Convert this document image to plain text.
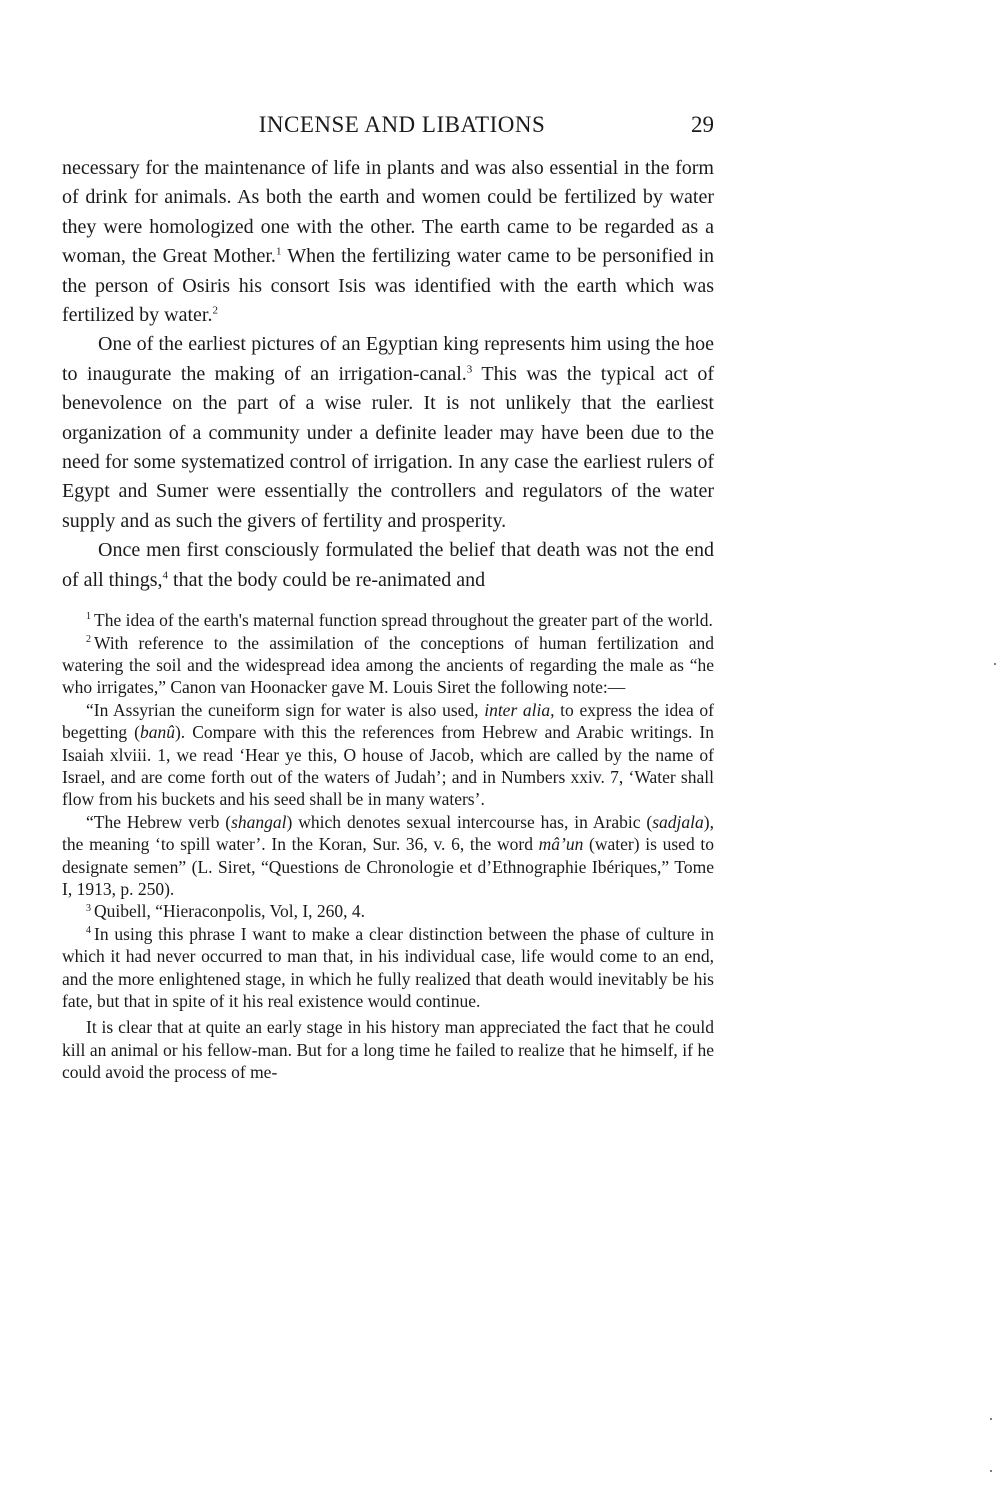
INCENSE AND LIBATIONS	29

necessary for the maintenance of life in plants and was also essential in the form of drink for animals. As both the earth and women could be fertilized by water they were homologized one with the other. The earth came to be regarded as a woman, the Great Mother.$^1$ When the fertilizing water came to be personified in the person of Osiris his consort Isis was identified with the earth which was fertilized by water.$^2$

One of the earliest pictures of an Egyptian king represents him using the hoe to inaugurate the making of an irrigation-canal.$^3$ This was the typical act of benevolence on the part of a wise ruler. It is not unlikely that the earliest organization of a community under a definite leader may have been due to the need for some systematized control of irrigation. In any case the earliest rulers of Egypt and Sumer were essentially the controllers and regulators of the water supply and as such the givers of fertility and prosperity.

Once men first consciously formulated the belief that death was not the end of all things,$^4$ that the body could be re-animated and

$^1$ The idea of the earth's maternal function spread throughout the greater part of the world.

$^2$ With reference to the assimilation of the conceptions of human fertilization and watering the soil and the widespread idea among the ancients of regarding the male as “he who irrigates,” Canon van Hoonacker gave M. Louis Siret the following note:—

“In Assyrian the cuneiform sign for water is also used, inter alia, to express the idea of begetting (banû). Compare with this the references from Hebrew and Arabic writings. In Isaiah xlviii. 1, we read ‘Hear ye this, O house of Jacob, which are called by the name of Israel, and are come forth out of the waters of Judah’; and in Numbers xxiv. 7, ‘Water shall flow from his buckets and his seed shall be in many waters’.

“The Hebrew verb (shangal) which denotes sexual intercourse has, in Arabic (sadjala), the meaning ‘to spill water’. In the Koran, Sur. 36, v. 6, the word mâ’un (water) is used to designate semen” (L. Siret, “Questions de Chronologie et d’Ethnographie Ibériques,” Tome I, 1913, p. 250).

$^3$ Quibell, “Hieraconpolis, Vol, I, 260, 4.

$^4$ In using this phrase I want to make a clear distinction between the phase of culture in which it had never occurred to man that, in his individual case, life would come to an end, and the more enlightened stage, in which he fully realized that death would inevitably be his fate, but that in spite of it his real existence would continue.

It is clear that at quite an early stage in his history man appreciated the fact that he could kill an animal or his fellow-man. But for a long time he failed to realize that he himself, if he could avoid the process of me-
